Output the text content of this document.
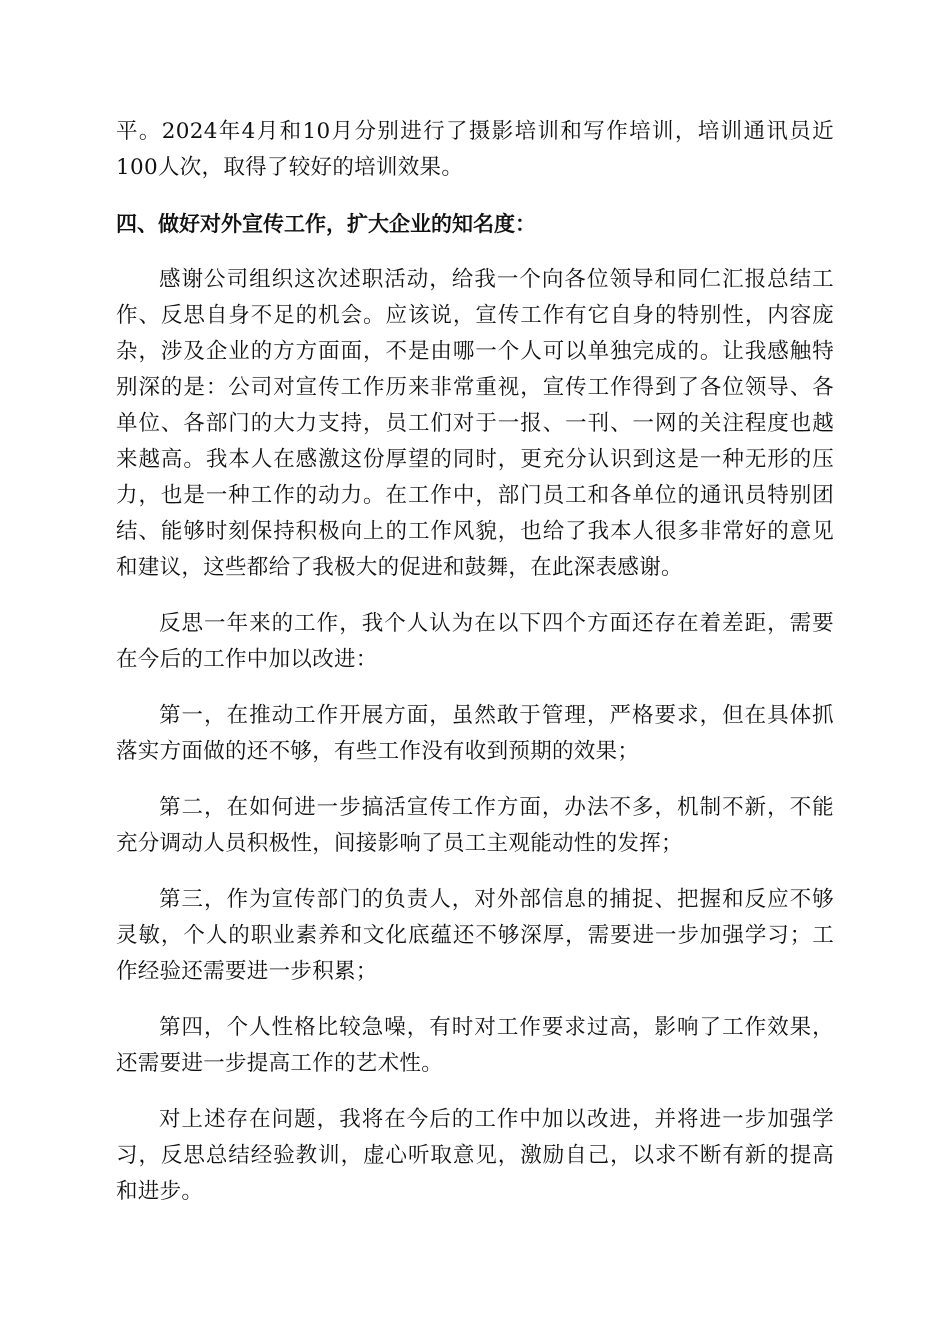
平。2024年4月和10月分别进行了摄影培训和写作培训，培训通讯员近100人次，取得了较好的培训效果。

四、做好对外宣传工作，扩大企业的知名度：

感谢公司组织这次述职活动，给我一个向各位领导和同仁汇报总结工作、反思自身不足的机会。应该说，宣传工作有它自身的特别性，内容庞杂，涉及企业的方方面面，不是由哪一个人可以单独完成的。让我感触特别深的是：公司对宣传工作历来非常重视，宣传工作得到了各位领导、各单位、各部门的大力支持，员工们对于一报、一刊、一网的关注程度也越来越高。我本人在感激这份厚望的同时，更充分认识到这是一种无形的压力，也是一种工作的动力。在工作中，部门员工和各单位的通讯员特别团结、能够时刻保持积极向上的工作风貌，也给了我本人很多非常好的意见和建议，这些都给了我极大的促进和鼓舞，在此深表感谢。

反思一年来的工作，我个人认为在以下四个方面还存在着差距，需要在今后的工作中加以改进：

第一，在推动工作开展方面，虽然敢于管理，严格要求，但在具体抓落实方面做的还不够，有些工作没有收到预期的效果；

第二，在如何进一步搞活宣传工作方面，办法不多，机制不新，不能充分调动人员积极性，间接影响了员工主观能动性的发挥；

第三，作为宣传部门的负责人，对外部信息的捕捉、把握和反应不够灵敏，个人的职业素养和文化底蕴还不够深厚，需要进一步加强学习；工作经验还需要进一步积累；

第四，个人性格比较急噪，有时对工作要求过高，影响了工作效果，还需要进一步提高工作的艺术性。

对上述存在问题，我将在今后的工作中加以改进，并将进一步加强学习，反思总结经验教训，虚心听取意见，激励自己，以求不断有新的提高和进步。
